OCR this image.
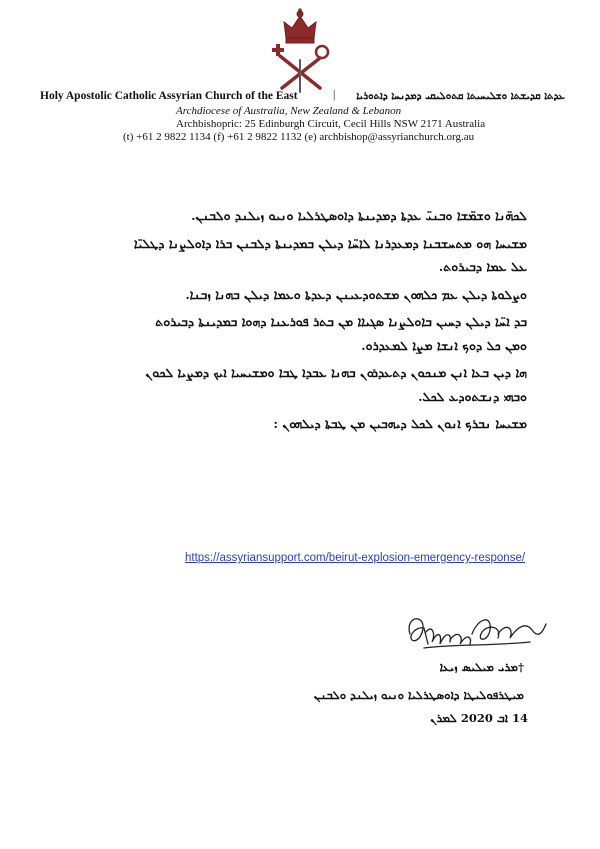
Holy Apostolic Catholic Assyrian Church of the East	| ܥܕܬܐ ܩܕܝܫܬܐ ܘܫܠܝܚܝܬܐ ܩܬܘܠܝܩܝ ܕܡܕܢܚܐ ܕܐܬܘܪܝܐ
Archdiocese of Australia, New Zealand & Lebanon
Archbishopric: 25 Edinburgh Circuit, Cecil Hills NSW 2171 Australia
(t) +61 2 9822 1134 (f) +61 2 9822 1132 (e) archbishop@assyrianchurch.org.au

ܠܟܗ̈ܢܐ ܘܫܡ̈ܫܐ ܘܒܢܝ̈ ܥܕܬܐ ܕܡܕܝܢܬܐ ܕܐܘܣܛܪܠܝܐ ܘܢܝܘ ܙܝܠܢܕ ܘܠܒܢܢ.

ܡܫܝܚܐ ܗܘ ܡܬܚܫܒܢܐ ܕܡܥܕܪܢܐ ܠܐܚ̈ܐ ܕܝܠܢ ܒܡܕܝܢܬܐ ܕܠܒܢܢ ܒܪܐ ܕܐܘܠܨܢܐ ܕܛܠܝ̈ܐ ܥܠ ܥܡܐ ܕܒܝܪܘܬ.

ܘܨܠܘܬܐ ܕܝܠܢ ܥܡ ܟܠܗܘܢ ܡܫܬܘܕܥܝܢܢ ܕܥܕܬܐ ܘܥܡܐ ܕܝܠܢ ܒܗܢܐ ܙܒܢܐ.

ܒܕ ܐܚ̈ܐ ܕܝܠܢ ܕܚܝܢ ܒܐܘܠܨܢܐ ܣܓܝܐܐ ܡܢ ܒܬܪ ܦܘܪܥܢܐ ܕܗܘܐ ܒܡܕܝܢܬܐ ܕܒܝܪܘܬ ܘܡܢ ܟܠ ܕܘܟ ܐܢܫܐ ܡܨܐ ܠܡܥܕܪܘ.

ܗܐ ܕܝܢ ܒܥܐ ܐܢܢ ܡܢܟܘܢ ܕܬܥܕܪܘܢ ܒܗܢܐ ܥܒܕܐ ܛܒܐ ܘܡܫܝܚܝܐ ܐܝܟ ܕܡܨܝܐ ܠܟܘܢ ܘܒܗܝ ܕܢܫܬܘܕܥ ܠܟܠ.

ܡܫܝܚܐ ܢܒܪܟ ܐܢܘܢ ܠܟܠ ܕܝܗܒܝܢ ܡܢ ܛܒܬܐ ܕܝܠܗܘܢ :

https://assyriansupport.com/beirut-explosion-emergency-response/
†ܡܪܝ ܡܝܠܝܣ ܙܝܥܐ
ܡܝܛܪܦܘܠܝܛܐ ܕܐܘܣܛܪܠܝܐ ܘܢܝܘ ܙܝܠܢܕ ܘܠܒܢܢ
14 ܐܒ 2020 ܠܡܪܢ
